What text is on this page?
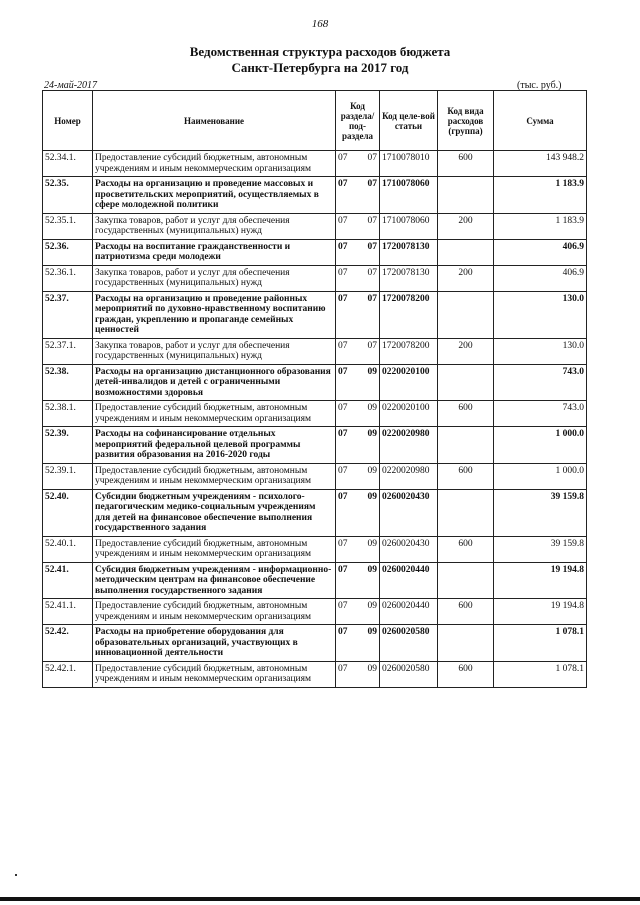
168
Ведомственная структура расходов бюджета
Санкт-Петербурга на 2017 год
24-май-2017	(тыс. руб.)
Номер	Наименование	Код раздела/ под-раздела		Код целе-вой статьи	Код вида расходов (группа)	Сумма
52.34.1.	Предоставление субсидий бюджетным, автономным учреждениям и иным некоммерческим организациям	07	07	1710078010	600	143 948.2
52.35.	Расходы на организацию и проведение массовых и просветительских мероприятий, осуществляемых в сфере молодежной политики	07	07	1710078060		1 183.9
52.35.1.	Закупка товаров, работ и услуг для обеспечения государственных (муниципальных) нужд	07	07	1710078060	200	1 183.9
52.36.	Расходы на воспитание гражданственности и патриотизма среди молодежи	07	07	1720078130		406.9
52.36.1.	Закупка товаров, работ и услуг для обеспечения государственных (муниципальных) нужд	07	07	1720078130	200	406.9
52.37.	Расходы на организацию и проведение районных мероприятий по духовно-нравственному воспитанию граждан, укреплению и пропаганде семейных ценностей	07	07	1720078200		130.0
52.37.1.	Закупка товаров, работ и услуг для обеспечения государственных (муниципальных) нужд	07	07	1720078200	200	130.0
52.38.	Расходы на организацию дистанционного образования детей-инвалидов и детей с ограниченными возможностями здоровья	07	09	0220020100		743.0
52.38.1.	Предоставление субсидий бюджетным, автономным учреждениям и иным некоммерческим организациям	07	09	0220020100	600	743.0
52.39.	Расходы на софинансирование отдельных мероприятий федеральной целевой программы развития образования на 2016-2020 годы	07	09	0220020980		1 000.0
52.39.1.	Предоставление субсидий бюджетным, автономным учреждениям и иным некоммерческим организациям	07	09	0220020980	600	1 000.0
52.40.	Субсидии бюджетным учреждениям - психолого-педагогическим медико-социальным учреждениям для детей на финансовое обеспечение выполнения государственного задания	07	09	0260020430		39 159.8
52.40.1.	Предоставление субсидий бюджетным, автономным учреждениям и иным некоммерческим организациям	07	09	0260020430	600	39 159.8
52.41.	Субсидия бюджетным учреждениям - информационно-методическим центрам на финансовое обеспечение выполнения государственного задания	07	09	0260020440		19 194.8
52.41.1.	Предоставление субсидий бюджетным, автономным учреждениям и иным некоммерческим организациям	07	09	0260020440	600	19 194.8
52.42.	Расходы на приобретение оборудования для образовательных организаций, участвующих в инновационной деятельности	07	09	0260020580		1 078.1
52.42.1.	Предоставление субсидий бюджетным, автономным учреждениям и иным некоммерческим организациям	07	09	0260020580	600	1 078.1
